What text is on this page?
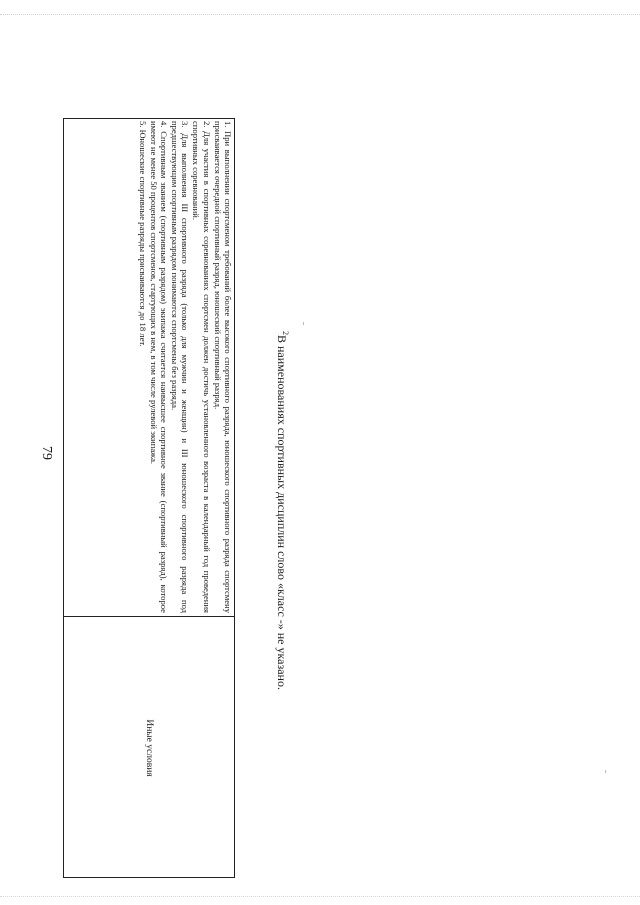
79
Иные условия

1. При выполнении спортсменом требований более высокого спортивного разряда, юношеского спортивного разряда спортсмену присваивается очередной спортивный разряд, юношеский спортивный разряд.

2. Для участия в спортивных соревнованиях спортсмен должен достичь установленного возраста в календарный год проведения спортивных соревнований.

3. Для выполнения III спортивного разряда (только для мужчин и женщин) и III юношеского спортивного разряда под предшествующим спортивным разрядом понимаются спортсмены без разряда.

4. Спортивным званием (спортивным разрядом) экипажа считается наивысшее спортивное звание (спортивный разряд), которое имеют не менее 50 процентов спортсменов, стартующих в нем, в том числе рулевой экипажа.

5. Юношеские спортивные разряды присваиваются до 18 лет.	$^2$В наименованиях спортивных дисциплин слово «класс -» не указано.
